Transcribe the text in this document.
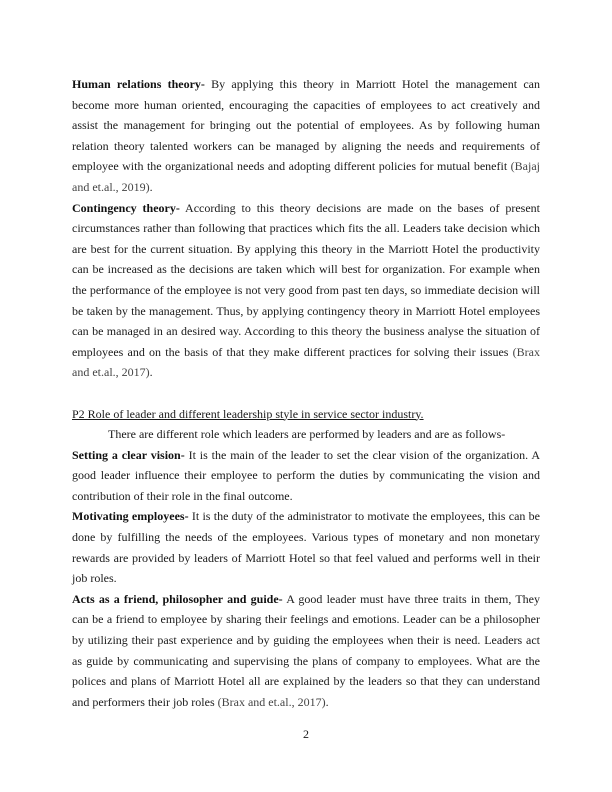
Human relations theory- By applying this theory in Marriott Hotel the management can become more human oriented, encouraging the capacities of employees to act creatively and assist the management for bringing out the potential of employees. As by following human relation theory talented workers can be managed by aligning the needs and requirements of employee with the organizational needs and adopting different policies for mutual benefit (Bajaj and et.al., 2019).

Contingency theory- According to this theory decisions are made on the bases of present circumstances rather than following that practices which fits the all. Leaders take decision which are best for the current situation. By applying this theory in the Marriott Hotel the productivity can be increased as the decisions are taken which will best for organization. For example when the performance of the employee is not very good from past ten days, so immediate decision will be taken by the management. Thus, by applying contingency theory in Marriott Hotel employees can be managed in an desired way. According to this theory the business analyse the situation of employees and on the basis of that they make different practices for solving their issues (Brax and et.al., 2017).

P2 Role of leader and different leadership style in service sector industry.

There are different role which leaders are performed by leaders and are as follows-

Setting a clear vision- It is the main of the leader to set the clear vision of the organization. A good leader influence their employee to perform the duties by communicating the vision and contribution of their role in the final outcome.

Motivating employees- It is the duty of the administrator to motivate the employees, this can be done by fulfilling the needs of the employees. Various types of monetary and non monetary rewards are provided by leaders of Marriott Hotel so that feel valued and performs well in their job roles.

Acts as a friend, philosopher and guide- A good leader must have three traits in them, They can be a friend to employee by sharing their feelings and emotions. Leader can be a philosopher by utilizing their past experience and by guiding the employees when their is need. Leaders act as guide by communicating and supervising the plans of company to employees. What are the polices and plans of Marriott Hotel all are explained by the leaders so that they can understand and performers their job roles (Brax and et.al., 2017).

2
